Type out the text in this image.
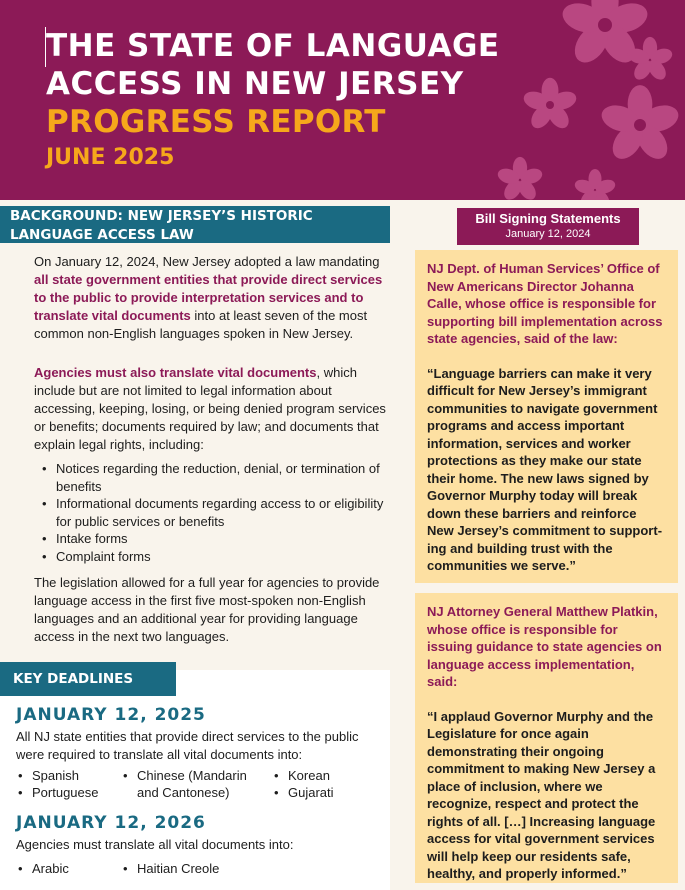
THE STATE OF LANGUAGE
ACCESS IN NEW JERSEY
PROGRESS REPORT
JUNE 2025
BACKGROUND: NEW JERSEY’S HISTORIC
LANGUAGE ACCESS LAW
On January 12, 2024, New Jersey adopted a law mandating all state government entities that provide direct services to the public to provide interpretation services and to translate vital documents into at least seven of the most common non-English languages spoken in New Jersey.
Agencies must also translate vital documents, which include but are not limited to legal information about accessing, keeping, losing, or being denied program services or benefits; documents required by law; and documents that explain legal rights, including:
• Notices regarding the reduction, denial, or termination of benefits
• Informational documents regarding access to or eligibility for public services or benefits
• Intake forms
• Complaint forms
The legislation allowed for a full year for agencies to provide language access in the first five most-spoken non-English languages and an additional year for providing language access in the next two languages.
KEY DEADLINES
JANUARY 12, 2025
All NJ state entities that provide direct services to the public were required to translate all vital documents into:
• Spanish
• Portuguese
• Chinese (Mandarin
and Cantonese)
• Korean
• Gujarati
JANUARY 12, 2026
Agencies must translate all vital documents into:
• Arabic
•	Haitian Creole
Bill Signing Statements
January 12, 2024
NJ Dept. of Human Services’ Office of New Americans Director Johanna Calle, whose office is responsible for supporting bill implementation across state agencies, said of the law:
“Language barriers can make it very difficult for New Jersey’s immigrant communities to navigate government programs and access important information, services and worker protections as they make our state their home. The new laws signed by Governor Murphy today will break down these barriers and reinforce New Jersey’s commitment to supporting and building trust with the communities we serve.”
NJ Attorney General Matthew Platkin, whose office is responsible for issuing guidance to state agencies on language access implementation, said:
“I applaud Governor Murphy and the Legislature for once again demonstrating their ongoing commitment to making New Jersey a place of inclusion, where we recognize, respect and protect the rights of all. […] Increasing language access for vital government services will help keep our residents safe, healthy, and properly informed.”
